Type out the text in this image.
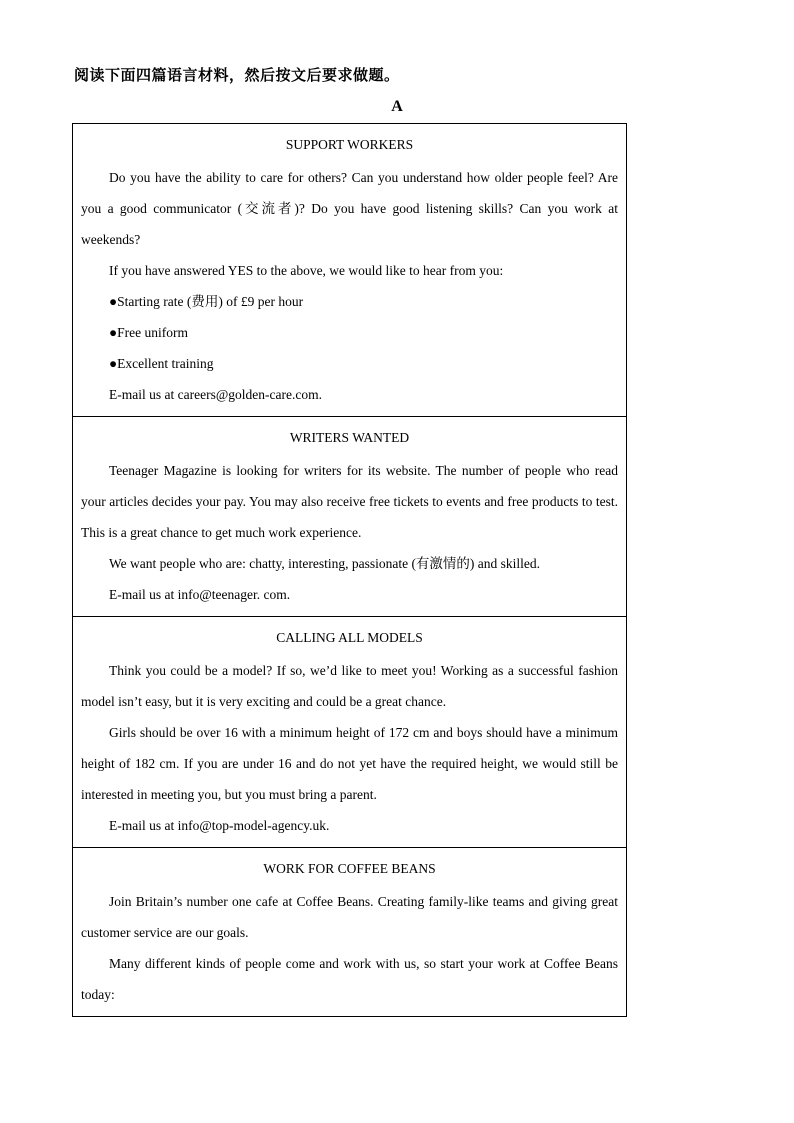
阅读下面四篇语言材料，然后按文后要求做题。
A
SUPPORT WORKERS
Do you have the ability to care for others? Can you understand how older people feel? Are you a good communicator (交流者)? Do you have good listening skills? Can you work at weekends?
If you have answered YES to the above, we would like to hear from you:
●Starting rate (费用) of £9 per hour
●Free uniform
●Excellent training
E-mail us at careers@golden-care.com.
WRITERS WANTED
Teenager Magazine is looking for writers for its website. The number of people who read your articles decides your pay. You may also receive free tickets to events and free products to test. This is a great chance to get much work experience.
We want people who are: chatty, interesting, passionate (有激情的) and skilled.
E-mail us at info@teenager. com.
CALLING ALL MODELS
Think you could be a model? If so, we’d like to meet you! Working as a successful fashion model isn’t easy, but it is very exciting and could be a great chance.
Girls should be over 16 with a minimum height of 172 cm and boys should have a minimum height of 182 cm. If you are under 16 and do not yet have the required height, we would still be interested in meeting you, but you must bring a parent.
E-mail us at info@top-model-agency.uk.
WORK FOR COFFEE BEANS
Join Britain’s number one cafe at Coffee Beans. Creating family-like teams and giving great customer service are our goals.
Many different kinds of people come and work with us, so start your work at Coffee Beans today:
